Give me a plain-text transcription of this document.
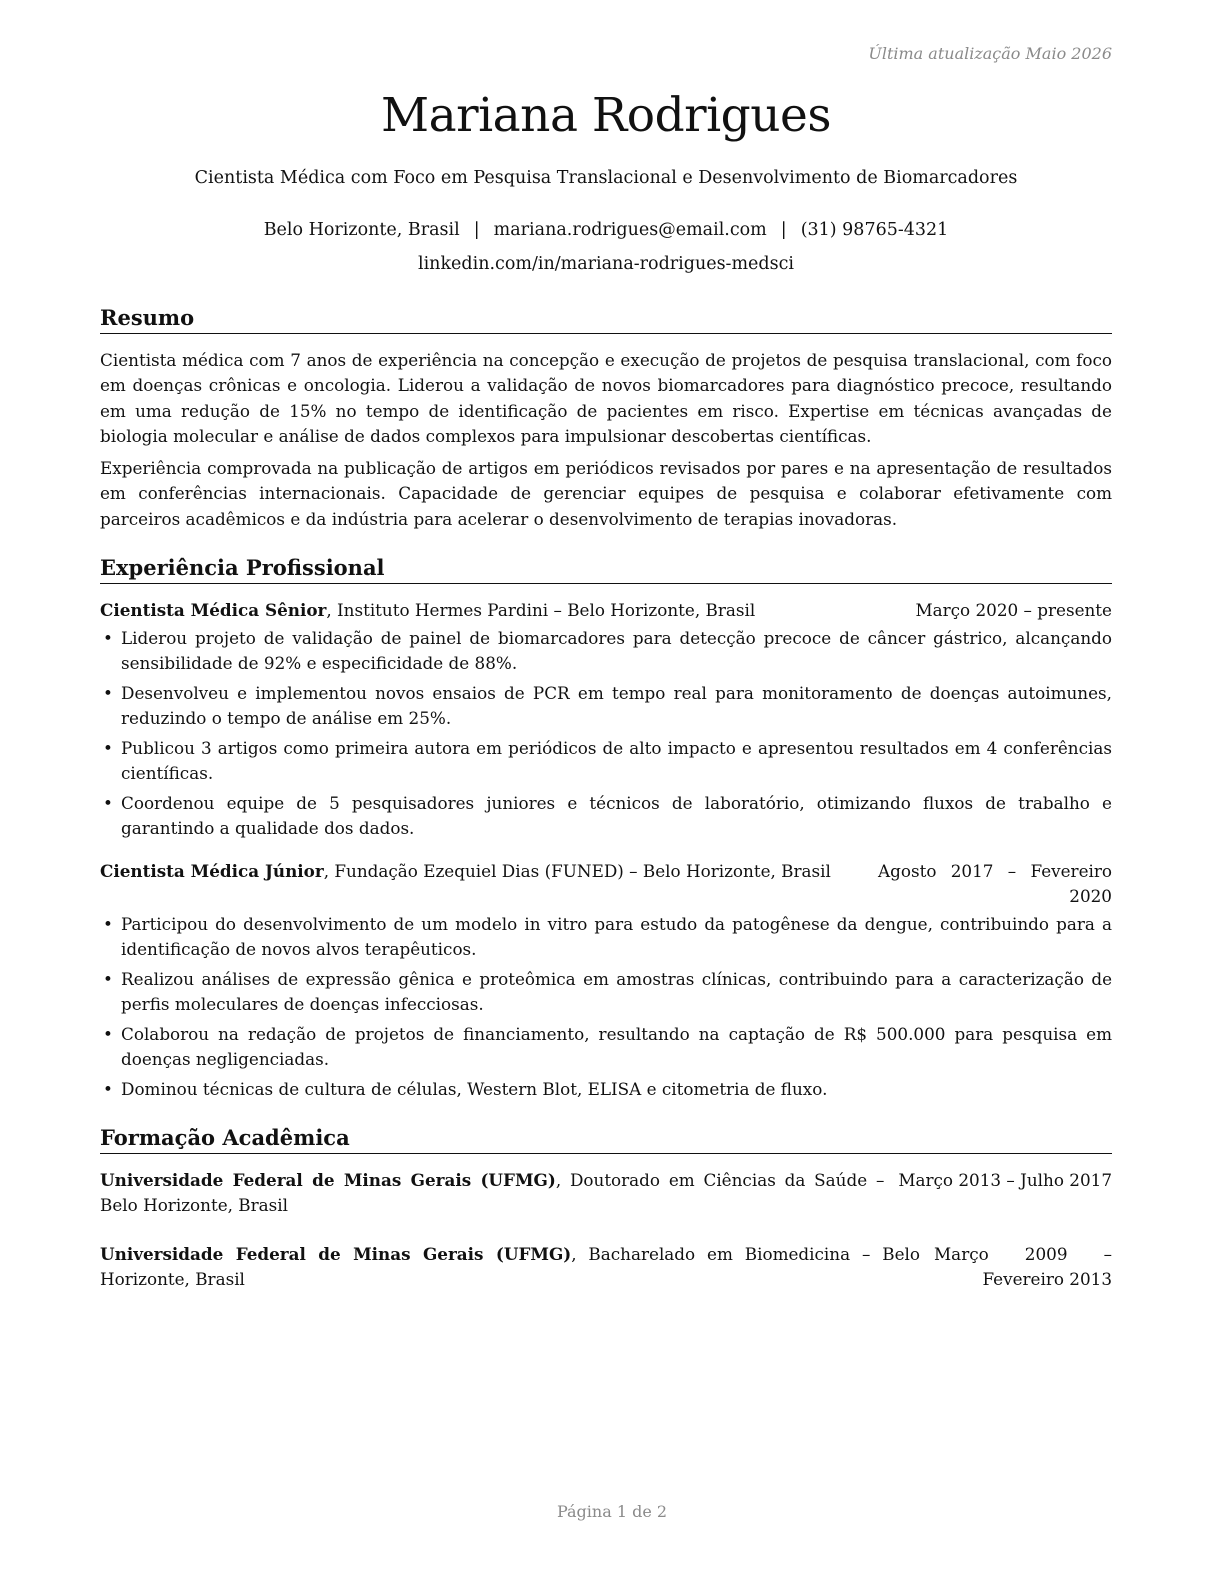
Última atualização Maio 2026
Mariana Rodrigues
Cientista Médica com Foco em Pesquisa Translacional e Desenvolvimento de Biomarcadores
Belo Horizonte, Brasil | mariana.rodrigues@email.com | (31) 98765-4321
linkedin.com/in/mariana-rodrigues-medsci
Resumo

Cientista médica com 7 anos de experiência na concepção e execução de projetos de pesquisa translacional, com foco em doenças crônicas e oncologia. Liderou a validação de novos biomarcadores para diagnóstico precoce, resultando em uma redução de 15% no tempo de identificação de pacientes em risco. Expertise em técnicas avançadas de biologia molecular e análise de dados complexos para impulsionar descobertas científicas.

Experiência comprovada na publicação de artigos em periódicos revisados por pares e na apresentação de resultados em conferências internacionais. Capacidade de gerenciar equipes de pesquisa e colaborar efetivamente com parceiros acadêmicos e da indústria para acelerar o desenvolvimento de terapias inovadoras.

Experiência Profissional
Cientista Médica Sênior, Instituto Hermes Pardini – Belo Horizonte, Brasil	Março 2020 – presente
• Liderou projeto de validação de painel de biomarcadores para detecção precoce de câncer gástrico, alcançando sensibilidade de 92% e especificidade de 88%.
• Desenvolveu e implementou novos ensaios de PCR em tempo real para monitoramento de doenças autoimunes, reduzindo o tempo de análise em 25%.
• Publicou 3 artigos como primeira autora em periódicos de alto impacto e apresentou resultados em 4 conferências científicas.
• Coordenou equipe de 5 pesquisadores juniores e técnicos de laboratório, otimizando fluxos de trabalho e garantindo a qualidade dos dados.
Cientista Médica Júnior, Fundação Ezequiel Dias (FUNED) – Belo Horizonte, Brasil	Agosto 2017 – Fevereiro 2020
• Participou do desenvolvimento de um modelo in vitro para estudo da patogênese da dengue, contribuindo para a identificação de novos alvos terapêuticos.
• Realizou análises de expressão gênica e proteômica em amostras clínicas, contribuindo para a caracterização de perfis moleculares de doenças infecciosas.
• Colaborou na redação de projetos de financiamento, resultando na captação de R$ 500.000 para pesquisa em doenças negligenciadas.
• Dominou técnicas de cultura de células, Western Blot, ELISA e citometria de fluxo.
Formação Acadêmica
Universidade Federal de Minas Gerais (UFMG), Doutorado em Ciências da Saúde – Belo Horizonte, Brasil
Março 2013 – Julho 2017
Universidade Federal de Minas Gerais (UFMG), Bacharelado em Biomedicina – Belo Horizonte, Brasil
Março 2009 – Fevereiro 2013
Página 1 de 2
